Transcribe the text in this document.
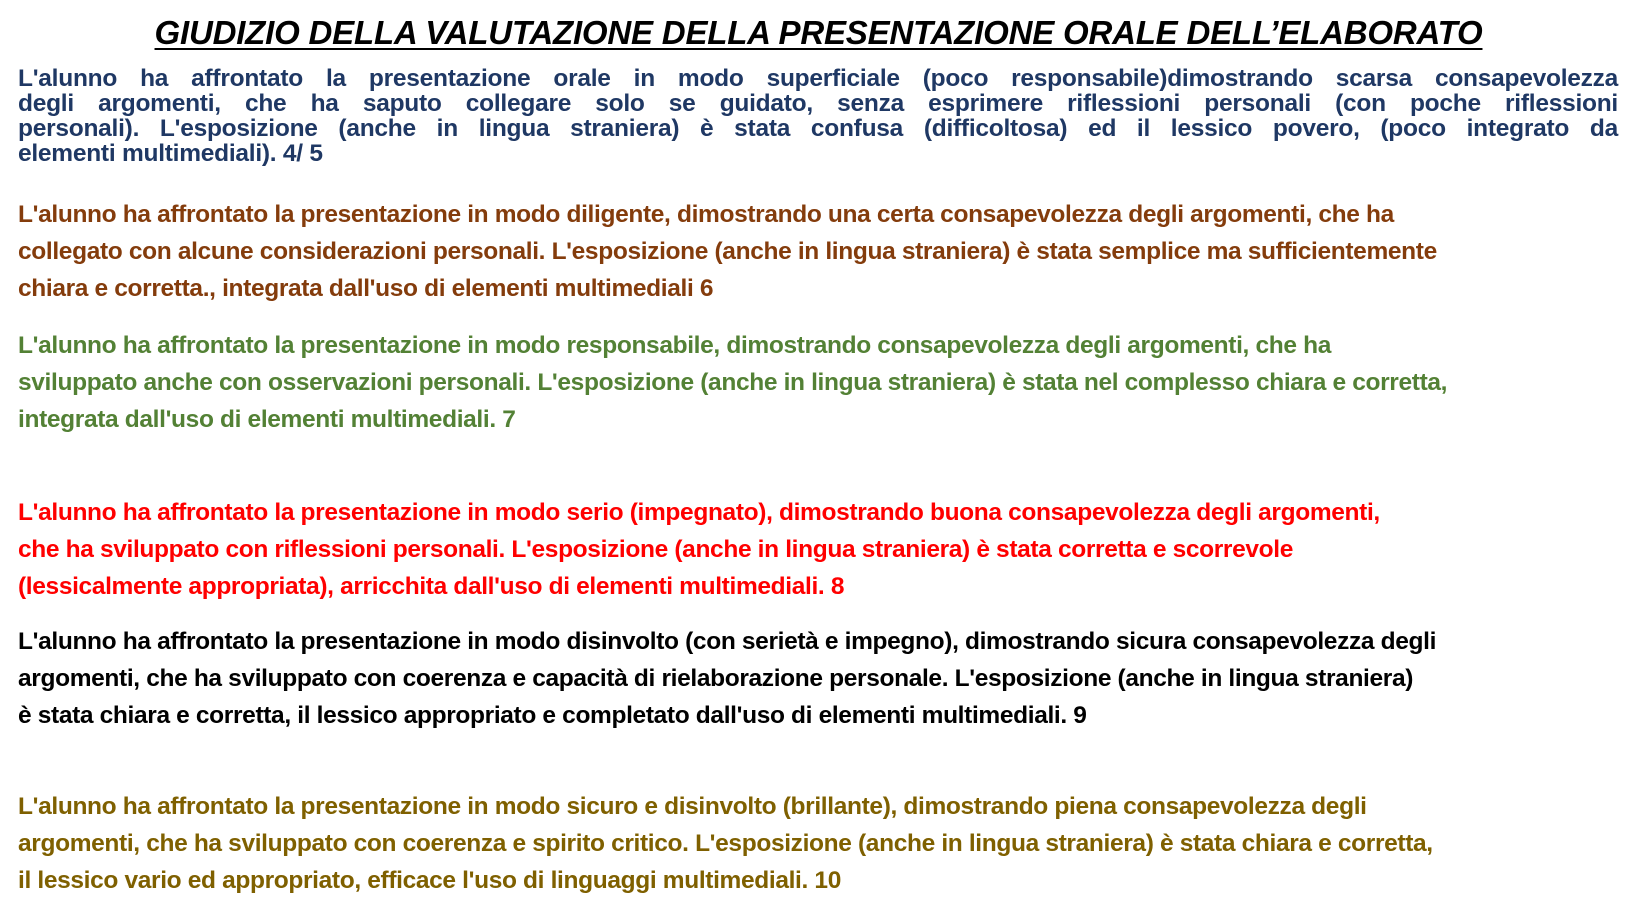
GIUDIZIO DELLA VALUTAZIONE DELLA PRESENTAZIONE ORALE DELL’ELABORATO
L'alunno ha affrontato la presentazione orale in modo superficiale (poco responsabile)dimostrando scarsa consapevolezza
degli argomenti, che ha saputo collegare solo se guidato, senza esprimere riflessioni personali (con poche riflessioni
personali). L'esposizione (anche in lingua straniera) è stata confusa (difficoltosa) ed il lessico povero, (poco integrato da
elementi multimediali). 4/ 5
L'alunno ha affrontato la presentazione in modo diligente, dimostrando una certa consapevolezza degli argomenti, che ha
collegato con alcune considerazioni personali. L'esposizione (anche in lingua straniera) è stata semplice ma sufficientemente
chiara e corretta., integrata dall'uso di elementi multimediali 6
L'alunno ha affrontato la presentazione in modo responsabile, dimostrando consapevolezza degli argomenti, che ha
sviluppato anche con osservazioni personali. L'esposizione (anche in lingua straniera) è stata nel complesso chiara e corretta,
integrata dall'uso di elementi multimediali. 7
L'alunno ha affrontato la presentazione in modo serio (impegnato), dimostrando buona consapevolezza degli argomenti,
che ha sviluppato con riflessioni personali. L'esposizione (anche in lingua straniera) è stata corretta e scorrevole
(lessicalmente appropriata), arricchita dall'uso di elementi multimediali. 8
L'alunno ha affrontato la presentazione in modo disinvolto (con serietà e impegno), dimostrando sicura consapevolezza degli
argomenti, che ha sviluppato con coerenza e capacità di rielaborazione personale. L'esposizione (anche in lingua straniera)
è stata chiara e corretta, il lessico appropriato e completato dall'uso di elementi multimediali. 9
L'alunno ha affrontato la presentazione in modo sicuro e disinvolto (brillante), dimostrando piena consapevolezza degli
argomenti, che ha sviluppato con coerenza e spirito critico. L'esposizione (anche in lingua straniera) è stata chiara e corretta,
il lessico vario ed appropriato, efficace l'uso di linguaggi multimediali. 10
